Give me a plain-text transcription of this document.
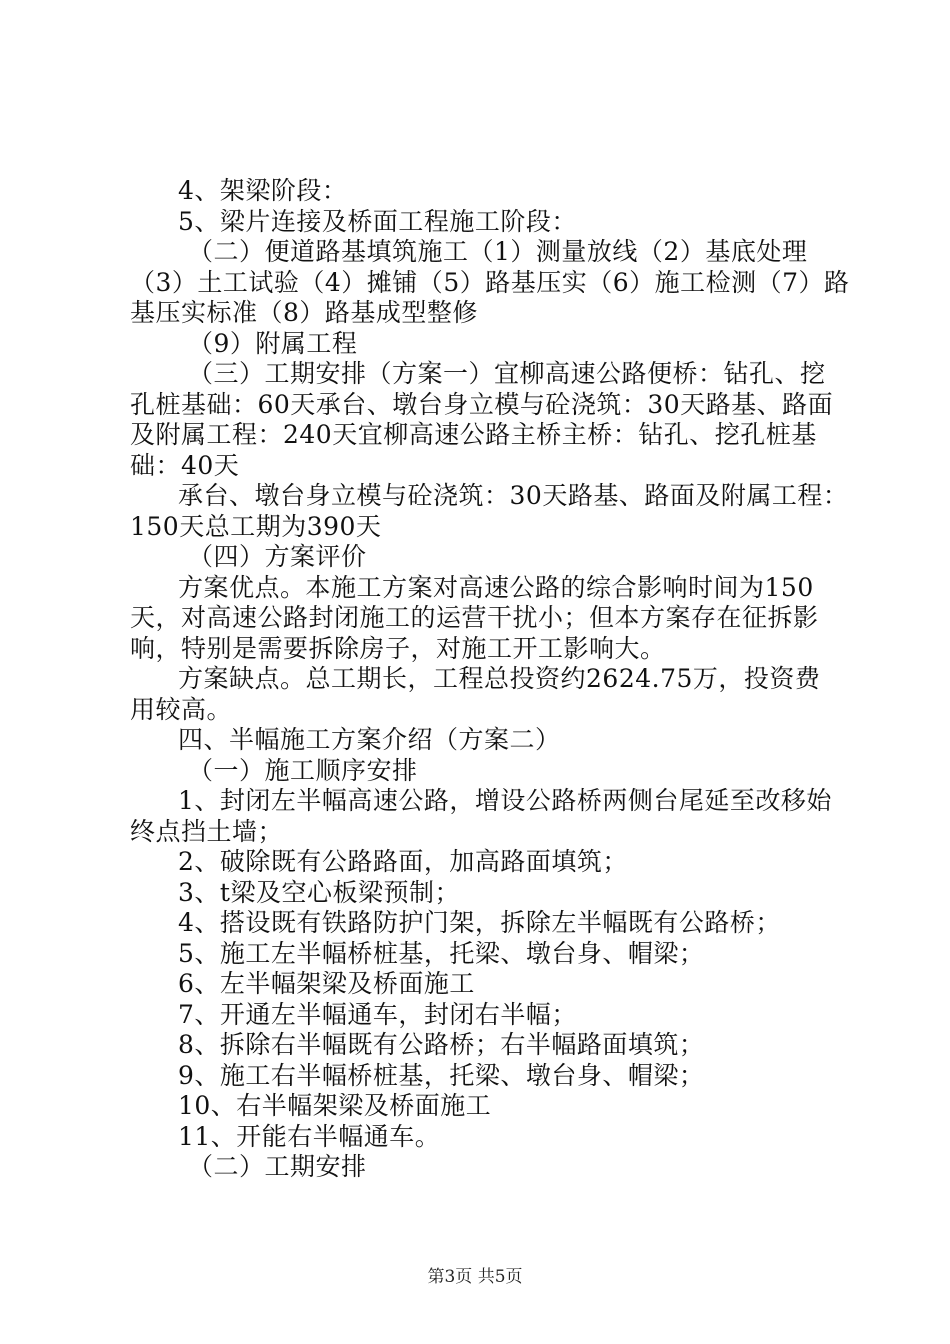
4、架梁阶段：
5、梁片连接及桥面工程施工阶段：
（二）便道路基填筑施工（1）测量放线（2）基底处理
（3）土工试验（4）摊铺（5）路基压实（6）施工检测（7）路
基压实标准（8）路基成型整修
（9）附属工程
（三）工期安排（方案一）宜柳高速公路便桥：钻孔、挖
孔桩基础：60天承台、墩台身立模与砼浇筑：30天路基、路面
及附属工程：240天宜柳高速公路主桥主桥：钻孔、挖孔桩基
础：40天
承台、墩台身立模与砼浇筑：30天路基、路面及附属工程：
150天总工期为390天
（四）方案评价
方案优点。本施工方案对高速公路的综合影响时间为150
天，对高速公路封闭施工的运营干扰小；但本方案存在征拆影
响，特别是需要拆除房子，对施工开工影响大。
方案缺点。总工期长，工程总投资约2624.75万，投资费
用较高。
四、半幅施工方案介绍（方案二）
（一）施工顺序安排
1、封闭左半幅高速公路，增设公路桥两侧台尾延至改移始
终点挡土墙；
2、破除既有公路路面，加高路面填筑；
3、t梁及空心板梁预制；
4、搭设既有铁路防护门架，拆除左半幅既有公路桥；
5、施工左半幅桥桩基，托梁、墩台身、帽梁；
6、左半幅架梁及桥面施工
7、开通左半幅通车，封闭右半幅；
8、拆除右半幅既有公路桥；右半幅路面填筑；
9、施工右半幅桥桩基，托梁、墩台身、帽梁；
10、右半幅架梁及桥面施工
11、开能右半幅通车。
（二）工期安排
第3页 共5页
